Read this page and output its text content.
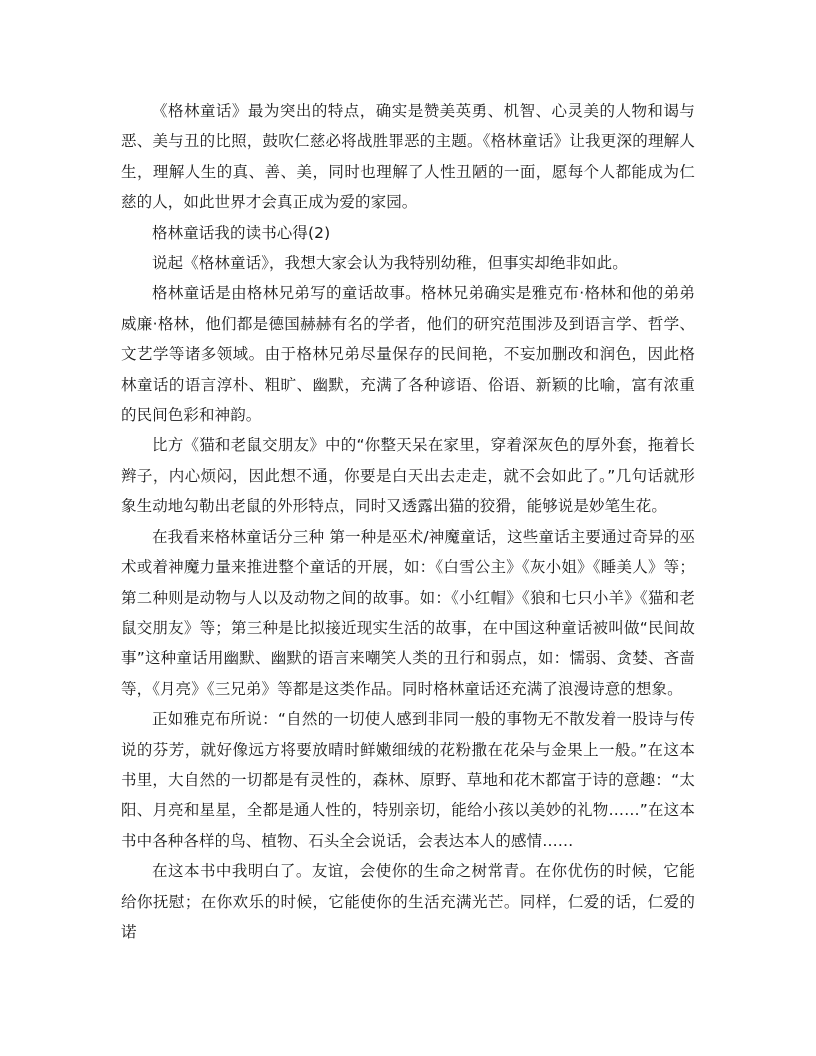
《格林童话》最为突出的特点，确实是赞美英勇、机智、心灵美的人物和谒与恶、美与丑的比照，鼓吹仁慈必将战胜罪恶的主题。《格林童话》让我更深的理解人生，理解人生的真、善、美，同时也理解了人性丑陋的一面，愿每个人都能成为仁慈的人，如此世界才会真正成为爱的家园。

格林童话我的读书心得(2)

说起《格林童话》，我想大家会认为我特别幼稚，但事实却绝非如此。

格林童话是由格林兄弟写的童话故事。格林兄弟确实是雅克布·格林和他的弟弟威廉·格林，他们都是德国赫赫有名的学者，他们的研究范围涉及到语言学、哲学、文艺学等诸多领域。由于格林兄弟尽量保存的民间艳，不妄加删改和润色，因此格林童话的语言淳朴、粗旷、幽默，充满了各种谚语、俗语、新颖的比喻，富有浓重的民间色彩和神韵。

比方《猫和老鼠交朋友》中的“你整天呆在家里，穿着深灰色的厚外套，拖着长辫子，内心烦闷，因此想不通，你要是白天出去走走，就不会如此了。”几句话就形象生动地勾勒出老鼠的外形特点，同时又透露出猫的狡猾，能够说是妙笔生花。

在我看来格林童话分三种 第一种是巫术/神魔童话，这些童话主要通过奇异的巫术或着神魔力量来推进整个童话的开展，如：《白雪公主》《灰小姐》《睡美人》等；第二种则是动物与人以及动物之间的故事。如：《小红帽》《狼和七只小羊》《猫和老鼠交朋友》等；第三种是比拟接近现实生活的故事，在中国这种童话被叫做“民间故事”这种童话用幽默、幽默的语言来嘲笑人类的丑行和弱点，如：懦弱、贪婪、吝啬等，《月亮》《三兄弟》等都是这类作品。同时格林童话还充满了浪漫诗意的想象。

正如雅克布所说：“自然的一切使人感到非同一般的事物无不散发着一股诗与传说的芬芳，就好像远方将要放晴时鲜嫩细绒的花粉撒在花朵与金果上一般。”在这本书里，大自然的一切都是有灵性的，森林、原野、草地和花木都富于诗的意趣：“太阳、月亮和星星，全都是通人性的，特别亲切，能给小孩以美妙的礼物……”在这本书中各种各样的鸟、植物、石头全会说话，会表达本人的感情……

在这本书中我明白了。友谊，会使你的生命之树常青。在你优伤的时候，它能给你抚慰；在你欢乐的时候，它能使你的生活充满光芒。同样，仁爱的话，仁爱的诺
